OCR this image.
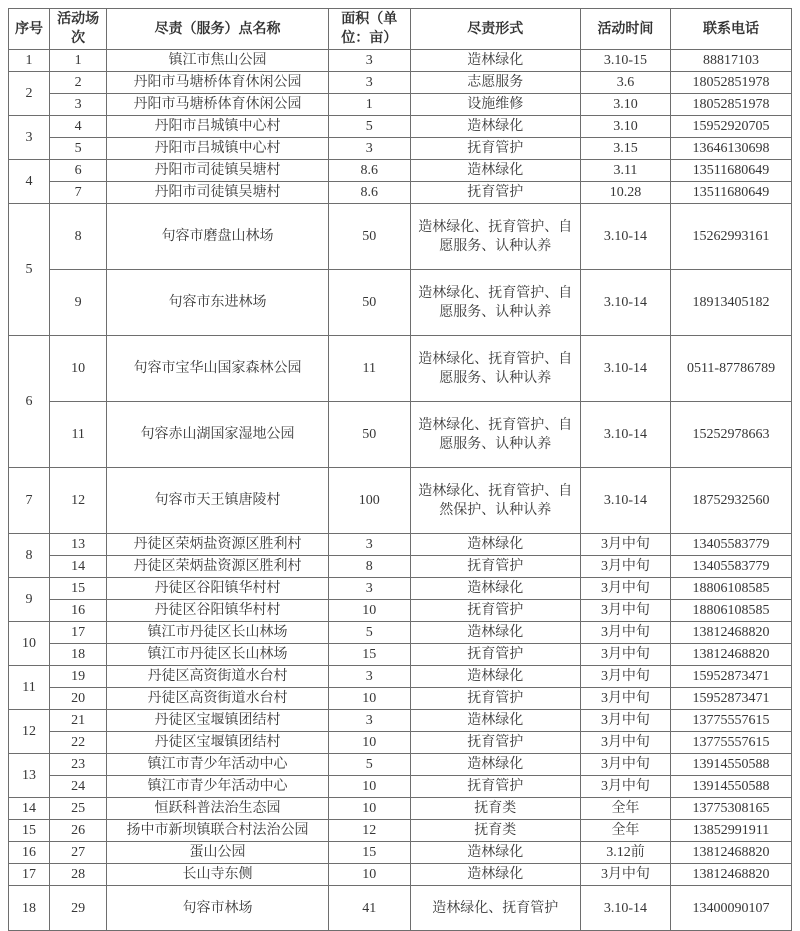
序号	活动场次	尽责（服务）点名称	面积（单位：亩）	尽责形式	活动时间	联系电话
1	1	镇江市焦山公园	3	造林绿化	3.10-15	88817103
2	2	丹阳市马塘桥体育休闲公园	3	志愿服务	3.6	18052851978
	3	丹阳市马塘桥体育休闲公园	1	设施维修	3.10	18052851978
3	4	丹阳市吕城镇中心村	5	造林绿化	3.10	15952920705
	5	丹阳市吕城镇中心村	3	抚育管护	3.15	13646130698
4	6	丹阳市司徒镇吴塘村	8.6	造林绿化	3.11	13511680649
	7	丹阳市司徒镇吴塘村	8.6	抚育管护	10.28	13511680649
5	8	句容市磨盘山林场	50	造林绿化、抚育管护、自愿服务、认种认养	3.10-14	15262993161
	9	句容市东进林场	50	造林绿化、抚育管护、自愿服务、认种认养	3.10-14	18913405182
6	10	句容市宝华山国家森林公园	11	造林绿化、抚育管护、自愿服务、认种认养	3.10-14	0511-87786789
	11	句容赤山湖国家湿地公园	50	造林绿化、抚育管护、自愿服务、认种认养	3.10-14	15252978663
7	12	句容市天王镇唐陵村	100	造林绿化、抚育管护、自然保护、认种认养	3.10-14	18752932560
8	13	丹徒区荣炳盐资源区胜利村	3	造林绿化	3月中旬	13405583779
	14	丹徒区荣炳盐资源区胜利村	8	抚育管护	3月中旬	13405583779
9	15	丹徒区谷阳镇华村村	3	造林绿化	3月中旬	18806108585
	16	丹徒区谷阳镇华村村	10	抚育管护	3月中旬	18806108585
10	17	镇江市丹徒区长山林场	5	造林绿化	3月中旬	13812468820
	18	镇江市丹徒区长山林场	15	抚育管护	3月中旬	13812468820
11	19	丹徒区高资街道水台村	3	造林绿化	3月中旬	15952873471
	20	丹徒区高资街道水台村	10	抚育管护	3月中旬	15952873471
12	21	丹徒区宝堰镇团结村	3	造林绿化	3月中旬	13775557615
	22	丹徒区宝堰镇团结村	10	抚育管护	3月中旬	13775557615
13	23	镇江市青少年活动中心	5	造林绿化	3月中旬	13914550588
	24	镇江市青少年活动中心	10	抚育管护	3月中旬	13914550588
14	25	恒跃科普法治生态园	10	抚育类	全年	13775308165
15	26	扬中市新坝镇联合村法治公园	12	抚育类	全年	13852991911
16	27	蛋山公园	15	造林绿化	3.12前	13812468820
17	28	长山寺东侧	10	造林绿化	3月中旬	13812468820
18	29	句容市林场	41	造林绿化、抚育管护	3.10-14	13400090107
